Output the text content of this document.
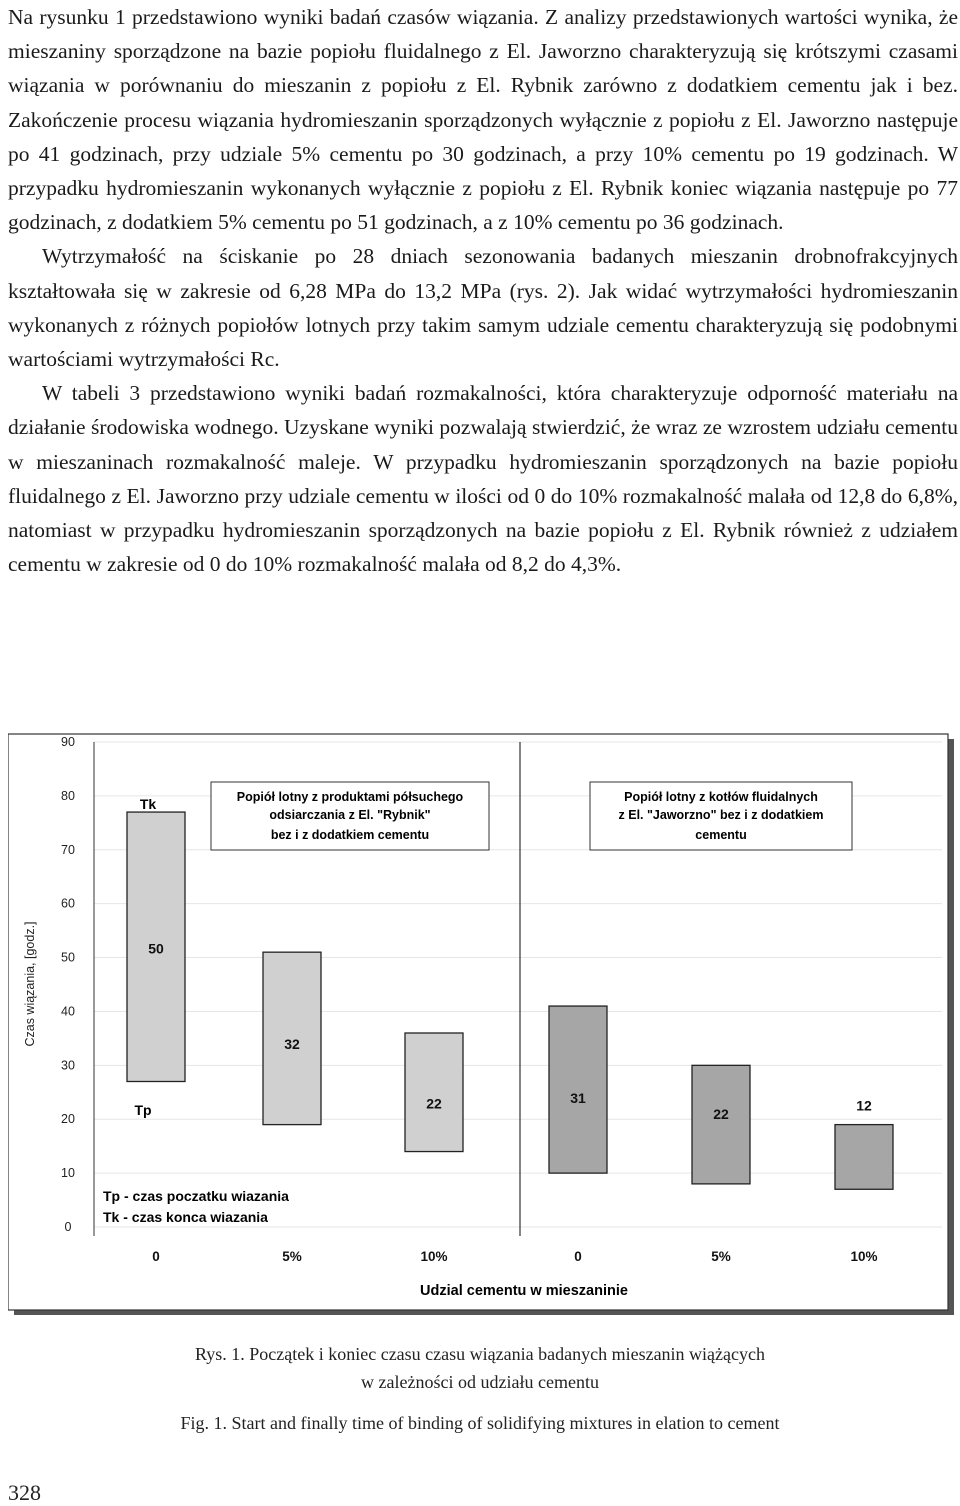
Na rysunku 1 przedstawiono wyniki badań czasów wiązania. Z analizy przedstawionych wartości wynika, że mieszaniny sporządzone na bazie popiołu fluidalnego z El. Jaworzno charakteryzują się krótszymi czasami wiązania w porównaniu do mieszanin z popiołu z El. Rybnik zarówno z dodatkiem cementu jak i bez. Zakończenie procesu wiązania hydromieszanin sporządzonych wyłącznie z popiołu z El. Jaworzno następuje po 41 godzinach, przy udziale 5% cementu po 30 godzinach, a przy 10% cementu po 19 godzinach. W przypadku hydromieszanin wykonanych wyłącznie z popiołu z El. Rybnik koniec wiązania następuje po 77 godzinach, z dodatkiem 5% cementu po 51 godzinach, a z 10% cementu po 36 godzinach.

Wytrzymałość na ściskanie po 28 dniach sezonowania badanych mieszanin drobnofrakcyjnych kształtowała się w zakresie od 6,28 MPa do 13,2 MPa (rys. 2). Jak widać wytrzymałości hydromieszanin wykonanych z różnych popiołów lotnych przy takim samym udziale cementu charakteryzują się podobnymi wartościami wytrzymałości Rc.

W tabeli 3 przedstawiono wyniki badań rozmakalności, która charakteryzuje odporność materiału na działanie środowiska wodnego. Uzyskane wyniki pozwalają stwierdzić, że wraz ze wzrostem udziału cementu w mieszaninach rozmakalność maleje. W przypadku hydromieszanin sporządzonych na bazie popiołu fluidalnego z El. Jaworzno przy udziale cementu w ilości od 0 do 10% rozmakalność malała od 12,8 do 6,8%, natomiast w przypadku hydromieszanin sporządzonych na bazie popiołu z El. Rybnik również z udziałem cementu w zakresie od 0 do 10% rozmakalność malała od 8,2 do 4,3%.

0
10
20
30
40
50
60
70
80
90
Czas wiązania, [godz.]
Popiół lotny z produktami półsuchego
odsiarczania z El. "Rybnik"
bez i z dodatkiem cementu
Popiół lotny z kotłów fluidalnych
z El. "Jaworzno" bez i z dodatkiem
cementu
50
32
22	31
22
12
Tk
Tp
Tp - czas poczatku wiazania
Tk - czas konca wiazania
0	5%	10%	0	5%	10%
Udzial cementu w mieszaninie
Rys. 1. Początek i koniec czasu czasu wiązania badanych mieszanin wiążących
w zależności od udziału cementu
Fig. 1. Start and finally time of binding of solidifying mixtures in elation to cement
328
